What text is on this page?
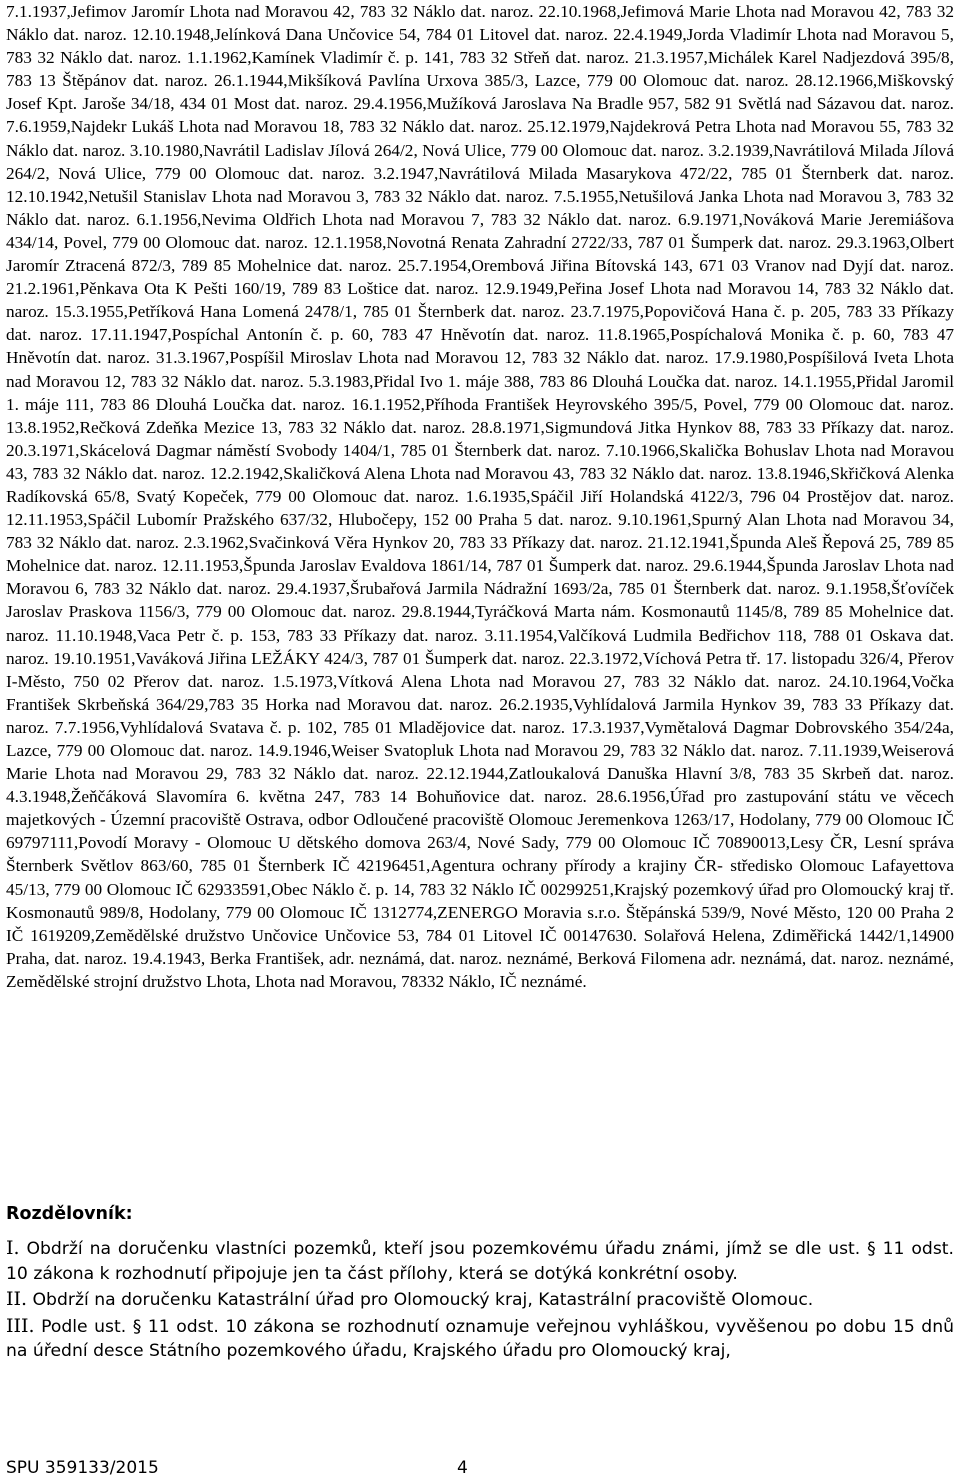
7.1.1937,Jefimov Jaromír Lhota nad Moravou 42, 783 32 Náklo dat. naroz. 22.10.1968,Jefimová Marie Lhota nad Moravou 42, 783 32 Náklo dat. naroz. 12.10.1948,Jelínková Dana Unčovice 54, 784 01 Litovel dat. naroz. 22.4.1949,Jorda Vladimír Lhota nad Moravou 5, 783 32 Náklo dat. naroz. 1.1.1962,Kamínek Vladimír č. p. 141, 783 32 Střeň dat. naroz. 21.3.1957,Michálek Karel Nadjezdová 395/8, 783 13 Štěpánov dat. naroz. 26.1.1944,Mikšíková Pavlína Urxova 385/3, Lazce, 779 00 Olomouc dat. naroz. 28.12.1966,Miškovský Josef Kpt. Jaroše 34/18, 434 01 Most dat. naroz. 29.4.1956,Mužíková Jaroslava Na Bradle 957, 582 91 Světlá nad Sázavou dat. naroz. 7.6.1959,Najdekr Lukáš Lhota nad Moravou 18, 783 32 Náklo dat. naroz. 25.12.1979,Najdekrová Petra Lhota nad Moravou 55, 783 32 Náklo dat. naroz. 3.10.1980,Navrátil Ladislav Jílová 264/2, Nová Ulice, 779 00 Olomouc dat. naroz. 3.2.1939,Navrátilová Milada Jílová 264/2, Nová Ulice, 779 00 Olomouc dat. naroz. 3.2.1947,Navrátilová Milada Masarykova 472/22, 785 01 Šternberk dat. naroz. 12.10.1942,Netušil Stanislav Lhota nad Moravou 3, 783 32 Náklo dat. naroz. 7.5.1955,Netušilová Janka Lhota nad Moravou 3, 783 32 Náklo dat. naroz. 6.1.1956,Nevima Oldřich Lhota nad Moravou 7, 783 32 Náklo dat. naroz. 6.9.1971,Nováková Marie Jeremiášova 434/14, Povel, 779 00 Olomouc dat. naroz. 12.1.1958,Novotná Renata Zahradní 2722/33, 787 01 Šumperk dat. naroz. 29.3.1963,Olbert Jaromír Ztracená 872/3, 789 85 Mohelnice dat. naroz. 25.7.1954,Orembová Jiřina Bítovská 143, 671 03 Vranov nad Dyjí dat. naroz. 21.2.1961,Pěnkava Ota K Pešti 160/19, 789 83 Loštice dat. naroz. 12.9.1949,Peřina Josef Lhota nad Moravou 14, 783 32 Náklo dat. naroz. 15.3.1955,Petříková Hana Lomená 2478/1, 785 01 Šternberk dat. naroz. 23.7.1975,Popovičová Hana č. p. 205, 783 33 Příkazy dat. naroz. 17.11.1947,Pospíchal Antonín č. p. 60, 783 47 Hněvotín dat. naroz. 11.8.1965,Pospíchalová Monika č. p. 60, 783 47 Hněvotín dat. naroz. 31.3.1967,Pospíšil Miroslav Lhota nad Moravou 12, 783 32 Náklo dat. naroz. 17.9.1980,Pospíšilová Iveta Lhota nad Moravou 12, 783 32 Náklo dat. naroz. 5.3.1983,Přidal Ivo 1. máje 388, 783 86 Dlouhá Loučka dat. naroz. 14.1.1955,Přidal Jaromil 1. máje 111, 783 86 Dlouhá Loučka dat. naroz. 16.1.1952,Příhoda František Heyrovského 395/5, Povel, 779 00 Olomouc dat. naroz. 13.8.1952,Rečková Zdeňka Mezice 13, 783 32 Náklo dat. naroz. 28.8.1971,Sigmundová Jitka Hynkov 88, 783 33 Příkazy dat. naroz. 20.3.1971,Skácelová Dagmar náměstí Svobody 1404/1, 785 01 Šternberk dat. naroz. 7.10.1966,Skalička Bohuslav Lhota nad Moravou 43, 783 32 Náklo dat. naroz. 12.2.1942,Skaličková Alena Lhota nad Moravou 43, 783 32 Náklo dat. naroz. 13.8.1946,Skřičková Alenka Radíkovská 65/8, Svatý Kopeček, 779 00 Olomouc dat. naroz. 1.6.1935,Spáčil Jiří Holandská 4122/3, 796 04 Prostějov dat. naroz. 12.11.1953,Spáčil Lubomír Pražského 637/32, Hlubočepy, 152 00 Praha 5 dat. naroz. 9.10.1961,Spurný Alan Lhota nad Moravou 34, 783 32 Náklo dat. naroz. 2.3.1962,Svačinková Věra Hynkov 20, 783 33 Příkazy dat. naroz. 21.12.1941,Špunda Aleš Řepová 25, 789 85 Mohelnice dat. naroz. 12.11.1953,Špunda Jaroslav Evaldova 1861/14, 787 01 Šumperk dat. naroz. 29.6.1944,Špunda Jaroslav Lhota nad Moravou 6, 783 32 Náklo dat. naroz. 29.4.1937,Šrubařová Jarmila Nádražní 1693/2a, 785 01 Šternberk dat. naroz. 9.1.1958,Šťovíček Jaroslav Praskova 1156/3, 779 00 Olomouc dat. naroz. 29.8.1944,Tyráčková Marta nám. Kosmonautů 1145/8, 789 85 Mohelnice dat. naroz. 11.10.1948,Vaca Petr č. p. 153, 783 33 Příkazy dat. naroz. 3.11.1954,Valčíková Ludmila Bedřichov 118, 788 01 Oskava dat. naroz. 19.10.1951,Vaváková Jiřina LEŽÁKY 424/3, 787 01 Šumperk dat. naroz. 22.3.1972,Víchová Petra tř. 17. listopadu 326/4, Přerov I-Město, 750 02 Přerov dat. naroz. 1.5.1973,Vítková Alena Lhota nad Moravou 27, 783 32 Náklo dat. naroz. 24.10.1964,Vočka František Skrbeňská 364/29,783 35 Horka nad Moravou dat. naroz. 26.2.1935,Vyhlídalová Jarmila Hynkov 39, 783 33 Příkazy dat. naroz. 7.7.1956,Vyhlídalová Svatava č. p. 102, 785 01 Mladějovice dat. naroz. 17.3.1937,Vymětalová Dagmar Dobrovského 354/24a, Lazce, 779 00 Olomouc dat. naroz. 14.9.1946,Weiser Svatopluk Lhota nad Moravou 29, 783 32 Náklo dat. naroz. 7.11.1939,Weiserová Marie Lhota nad Moravou 29, 783 32 Náklo dat. naroz. 22.12.1944,Zatloukalová Danuška Hlavní 3/8, 783 35 Skrbeň dat. naroz. 4.3.1948,Žeňčáková Slavomíra 6. května 247, 783 14 Bohuňovice dat. naroz. 28.6.1956,Úřad pro zastupování státu ve věcech majetkových - Územní pracoviště Ostrava, odbor Odloučené pracoviště Olomouc Jeremenkova 1263/17, Hodolany, 779 00 Olomouc IČ 69797111,Povodí Moravy - Olomouc U dětského domova 263/4, Nové Sady, 779 00 Olomouc IČ 70890013,Lesy ČR, Lesní správa Šternberk Světlov 863/60, 785 01 Šternberk IČ 42196451,Agentura ochrany přírody a krajiny ČR- středisko Olomouc Lafayettova 45/13, 779 00 Olomouc IČ 62933591,Obec Náklo č. p. 14, 783 32 Náklo IČ 00299251,Krajský pozemkový úřad pro Olomoucký kraj tř. Kosmonautů 989/8, Hodolany, 779 00 Olomouc IČ 1312774,ZENERGO Moravia s.r.o. Štěpánská 539/9, Nové Město, 120 00 Praha 2 IČ 1619209,Zemědělské družstvo Unčovice Unčovice 53, 784 01 Litovel IČ 00147630. Solařová Helena, Zdiměřická 1442/1,14900 Praha, dat. naroz. 19.4.1943, Berka František, adr. neznámá, dat. naroz. neznámé, Berková Filomena adr. neznámá, dat. naroz. neznámé, Zemědělské strojní družstvo Lhota, Lhota nad Moravou, 78332 Náklo, IČ neznámé.

Rozdělovník:
I. Obdrží na doručenku vlastníci pozemků, kteří jsou pozemkovému úřadu známi, jímž se dle ust. § 11 odst. 10 zákona k rozhodnutí připojuje jen ta část přílohy, která se dotýká konkrétní osoby.
II. Obdrží na doručenku Katastrální úřad pro Olomoucký kraj, Katastrální pracoviště Olomouc.
III. Podle ust. § 11 odst. 10 zákona se rozhodnutí oznamuje veřejnou vyhláškou, vyvěšenou po dobu 15 dnů na úřední desce Státního pozemkového úřadu, Krajského úřadu pro Olomoucký kraj,
SPU 359133/2015	4
